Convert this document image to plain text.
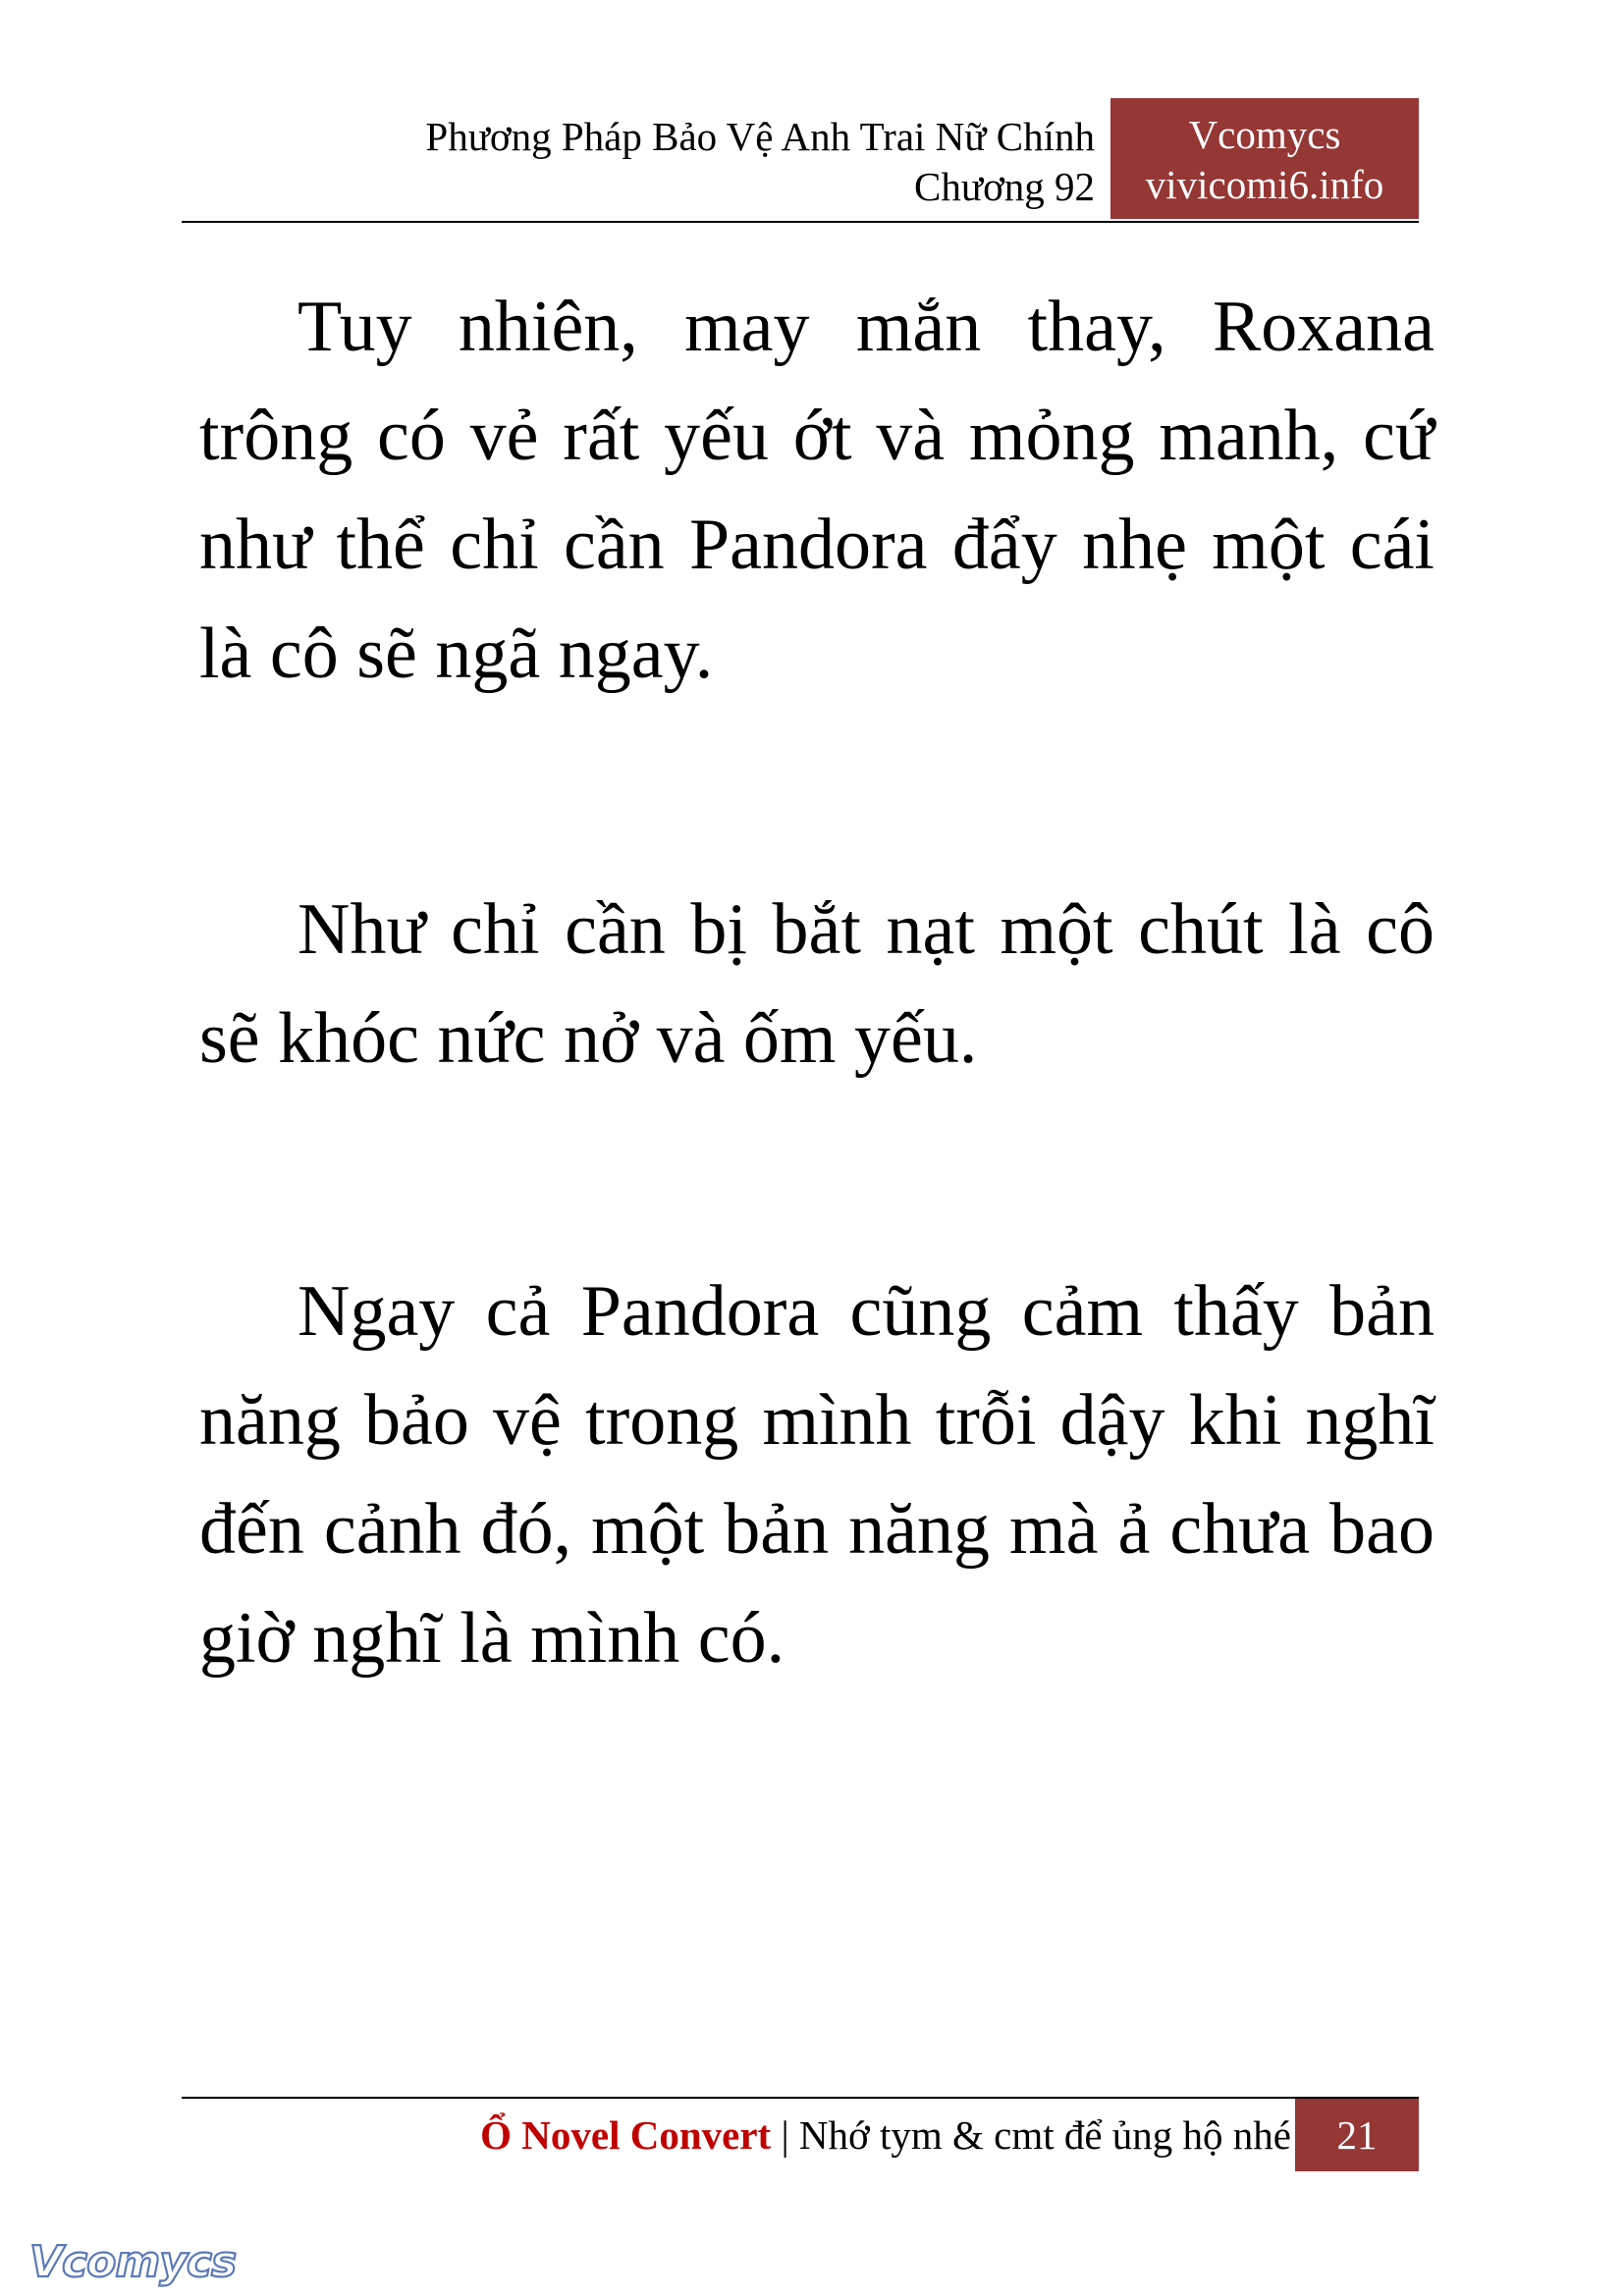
Phương Pháp Bảo Vệ Anh Trai Nữ Chính
Chương 92
Vcomycs
vivicomi6.info

Tuy nhiên, may mắn thay, Roxana trông có vẻ rất yếu ớt và mỏng manh, cứ như thể chỉ cần Pandora đẩy nhẹ một cái là cô sẽ ngã ngay.

Như chỉ cần bị bắt nạt một chút là cô sẽ khóc nức nở và ốm yếu.

Ngay cả Pandora cũng cảm thấy bản năng bảo vệ trong mình trỗi dậy khi nghĩ đến cảnh đó, một bản năng mà ả chưa bao giờ nghĩ là mình có.

Ổ Novel Convert | Nhớ tym & cmt để ủng hộ nhé	21
Vcomycs
